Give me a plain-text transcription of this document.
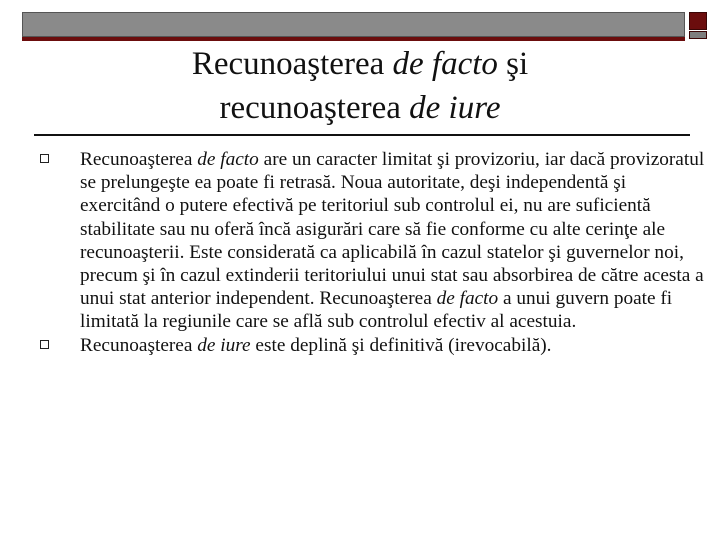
Recunoaşterea de facto şi
recunoaşterea de iure
Recunoaşterea de facto are un caracter limitat şi provizoriu, iar dacă provizoratul se prelungeşte ea poate fi retrasă. Noua autoritate, deşi independentă şi exercitând o putere efectivă pe teritoriul sub controlul ei, nu are suficientă stabilitate sau nu oferă încă asigurări care să fie conforme cu alte cerinţe ale recunoaşterii. Este considerată ca aplicabilă în cazul statelor şi guvernelor noi, precum şi în cazul extinderii teritoriului unui stat sau absorbirea de către acesta a unui stat anterior independent. Recunoaşterea de facto a unui guvern poate fi limitată la regiunile care se află sub controlul efectiv al acestuia.
Recunoaşterea de iure este deplină şi definitivă (irevocabilă).
